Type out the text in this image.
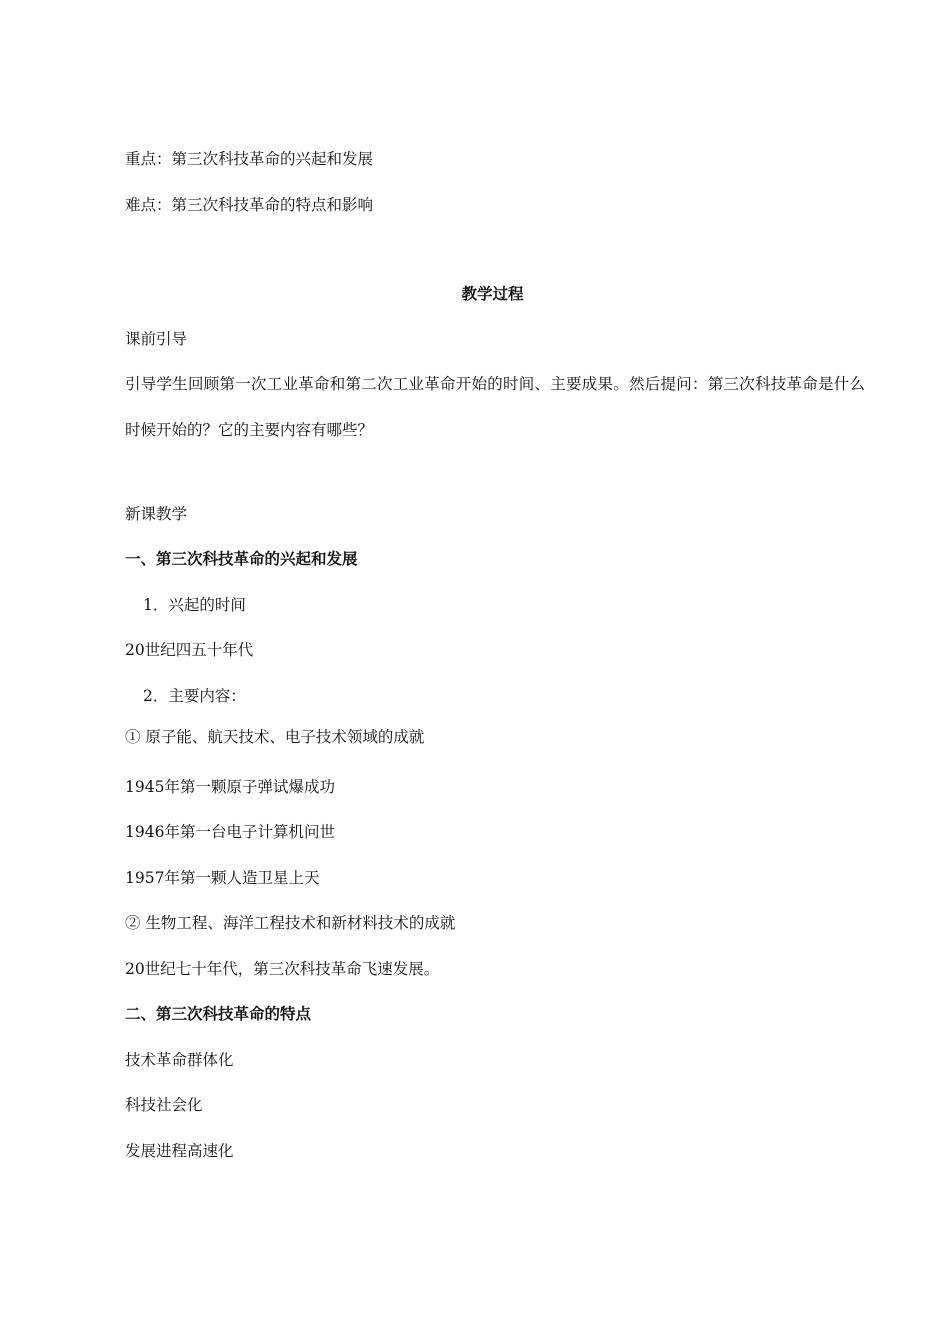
重点：第三次科技革命的兴起和发展
难点：第三次科技革命的特点和影响
教学过程
课前引导
引导学生回顾第一次工业革命和第二次工业革命开始的时间、主要成果。然后提问：第三次科技革命是什么时候开始的？它的主要内容有哪些？
新课教学
一、第三次科技革命的兴起和发展
1．兴起的时间
20世纪四五十年代
2．主要内容：
① 原子能、航天技术、电子技术领域的成就
1945年第一颗原子弹试爆成功
1946年第一台电子计算机问世
1957年第一颗人造卫星上天
② 生物工程、海洋工程技术和新材料技术的成就
20世纪七十年代，第三次科技革命飞速发展。
二、第三次科技革命的特点
技术革命群体化
科技社会化
发展进程高速化
